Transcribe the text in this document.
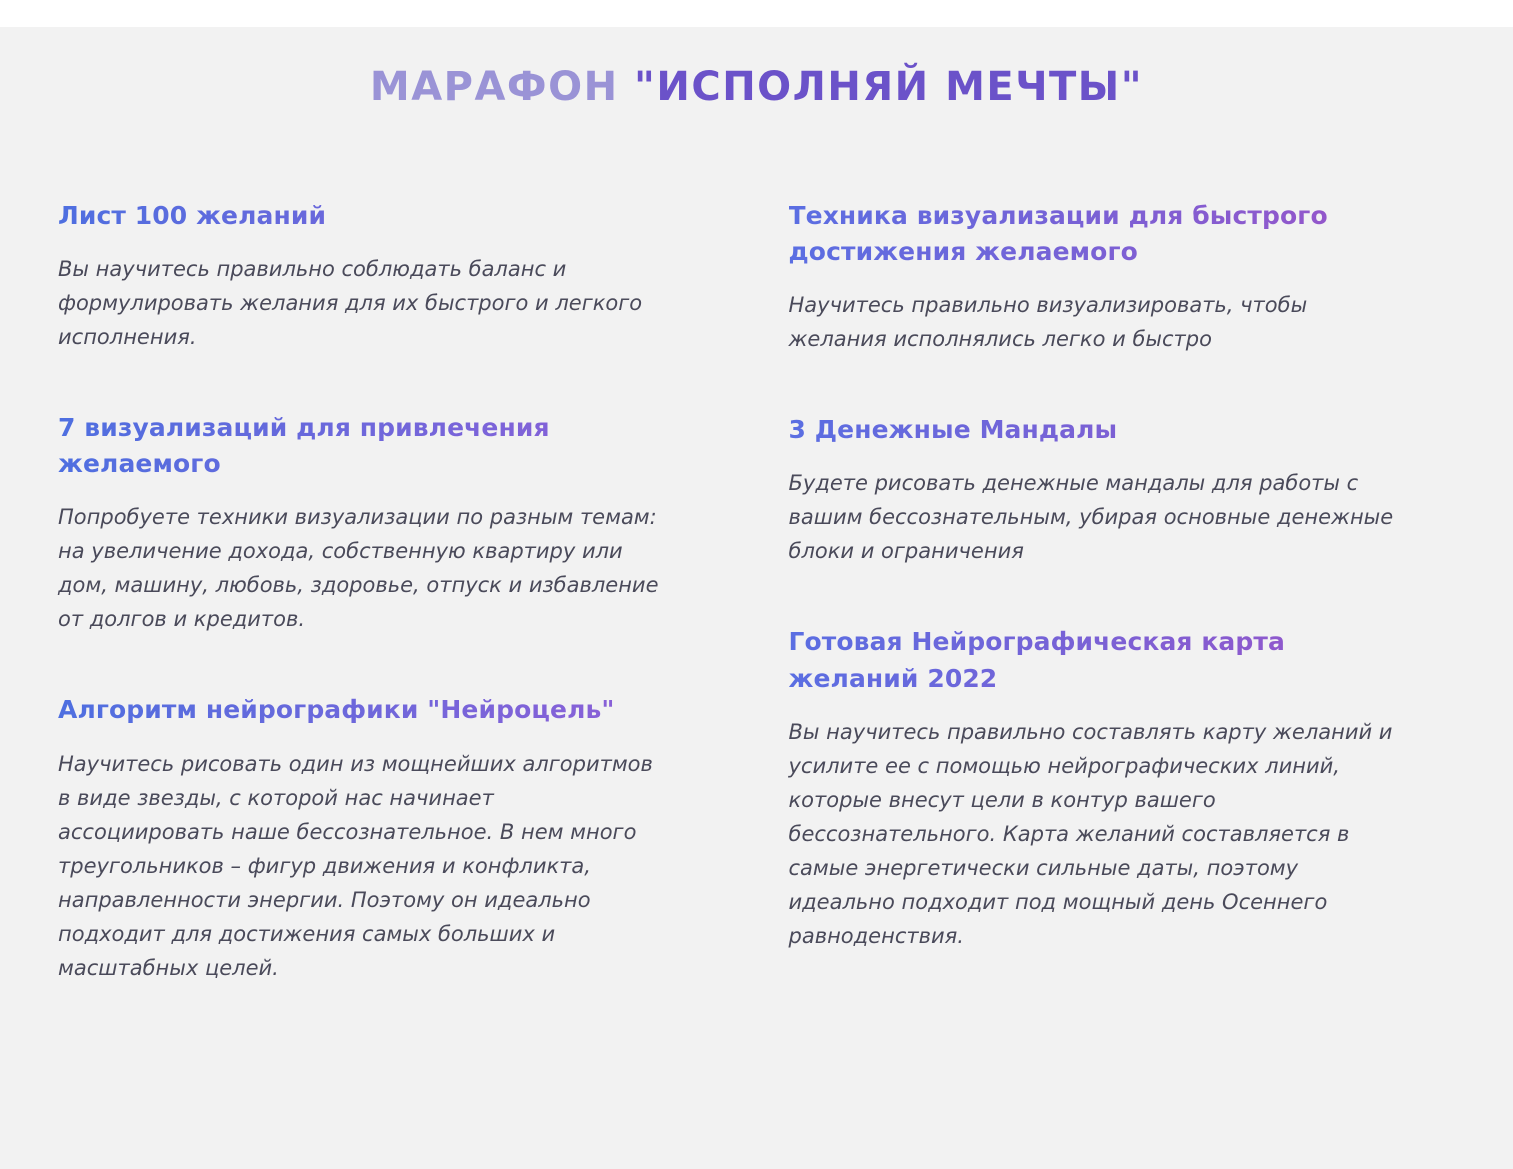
МАРАФОН "ИСПОЛНЯЙ МЕЧТЫ"
Лист 100 желаний
Вы научитесь правильно соблюдать баланс и формулировать желания для их быстрого и легкого исполнения.
7 визуализаций для привлечения желаемого
Попробуете техники визуализации по разным темам: на увеличение дохода, собственную квартиру или дом, машину, любовь, здоровье, отпуск и избавление от долгов и кредитов.
Алгоритм нейрографики "Нейроцель"
Научитесь рисовать один из мощнейших алгоритмов в виде звезды, с которой нас начинает ассоциировать наше бессознательное. В нем много треугольников – фигур движения и конфликта, направленности энергии. Поэтому он идеально подходит для достижения самых больших и масштабных целей.
Техника визуализации для быстрого достижения желаемого
Научитесь правильно визуализировать, чтобы желания исполнялись легко и быстро
3 Денежные Мандалы
Будете рисовать денежные мандалы для работы с вашим бессознательным, убирая основные денежные блоки и ограничения
Готовая Нейрографическая карта желаний 2022
Вы научитесь правильно составлять карту желаний и усилите ее с помощью нейрографических линий, которые внесут цели в контур вашего бессознательного. Карта желаний составляется в самые энергетически сильные даты, поэтому идеально подходит под мощный день Осеннего равноденствия.
